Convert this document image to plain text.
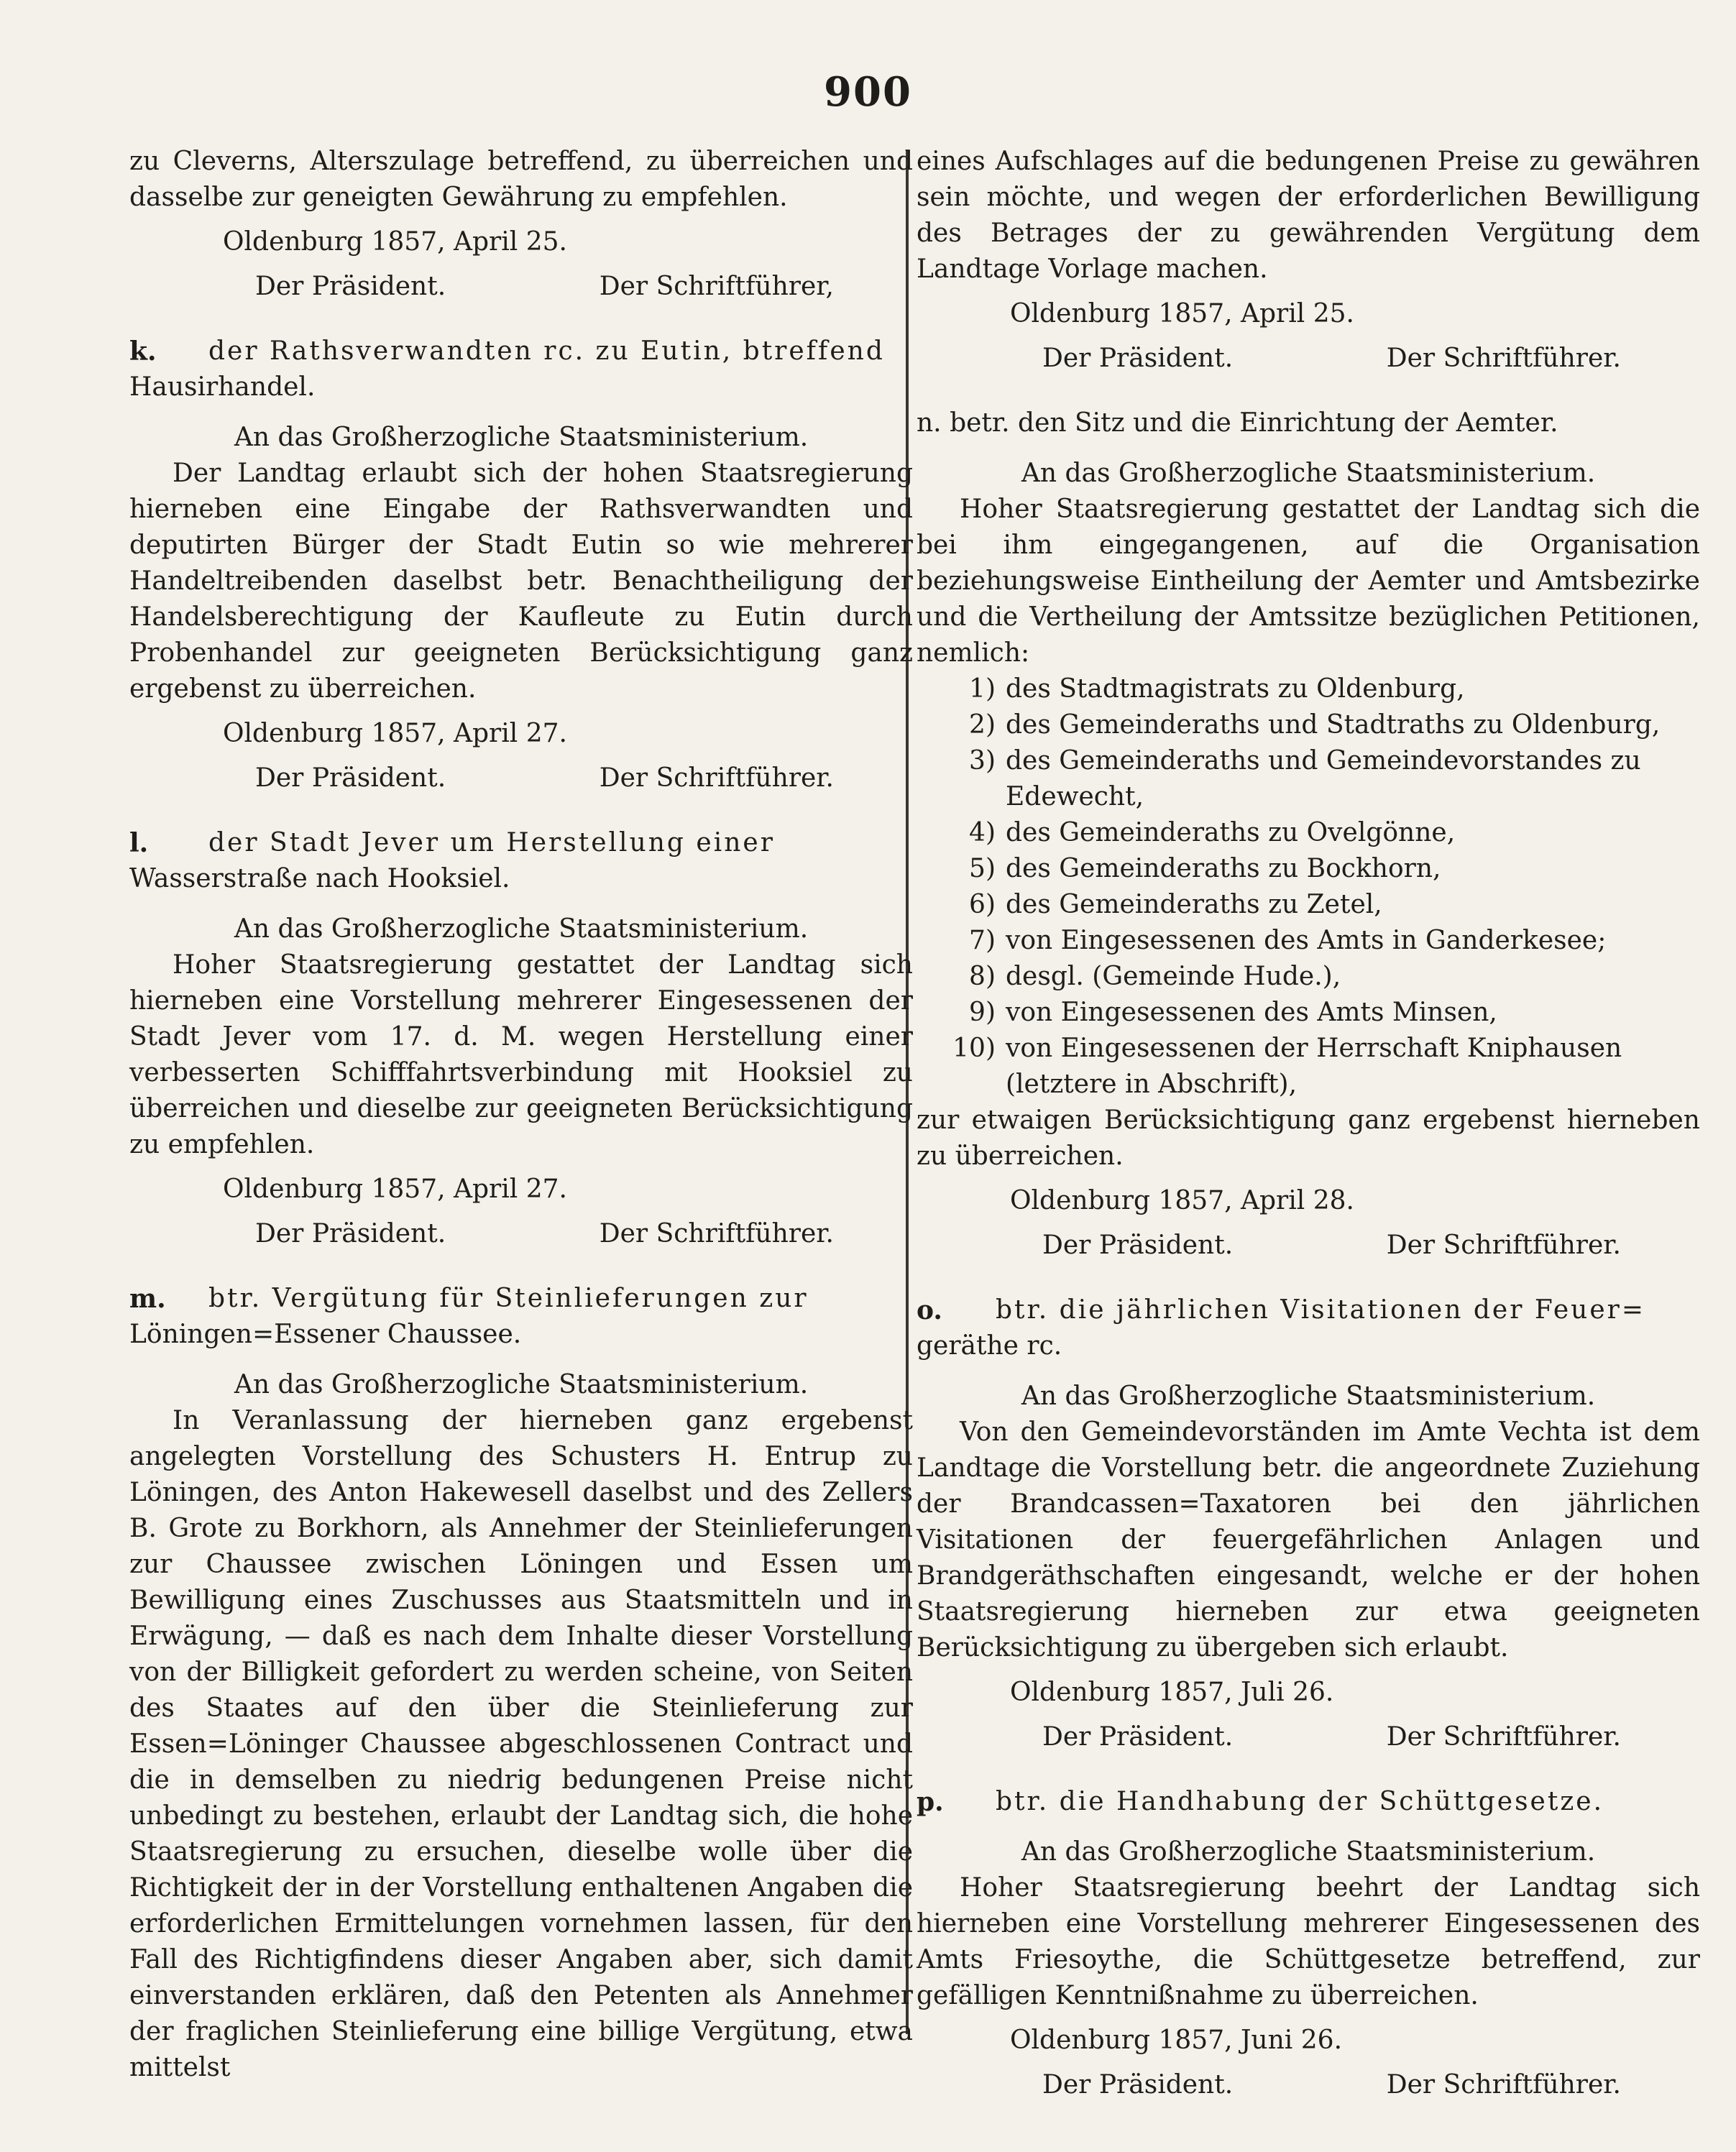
900

zu Cleverns, Alterszulage betreffend, zu überreichen und dasselbe zur geneigten Gewährung zu empfehlen.

Oldenburg 1857, April 25.

Der Präsident.	Der Schriftführer,
k.	der Rathsverwandten rc. zu Eutin, btreffend

Hausirhandel.

An das Großherzogliche Staatsministerium.

Der Landtag erlaubt sich der hohen Staatsregierung hierneben eine Eingabe der Rathsverwandten und deputirten Bürger der Stadt Eutin so wie mehrerer Handeltreibenden daselbst betr. Benachtheiligung der Handelsberechtigung der Kaufleute zu Eutin durch Probenhandel zur geeigneten Berücksichtigung ganz ergebenst zu überreichen.

Oldenburg 1857, April 27.

Der Präsident.	Der Schriftführer.
l.	der Stadt Jever um Herstellung einer

Wasserstraße nach Hooksiel.

An das Großherzogliche Staatsministerium.

Hoher Staatsregierung gestattet der Landtag sich hierneben eine Vorstellung mehrerer Eingesessenen der Stadt Jever vom 17. d. M. wegen Herstellung einer verbesserten Schifffahrtsverbindung mit Hooksiel zu überreichen und dieselbe zur geeigneten Berücksichtigung zu empfehlen.

Oldenburg 1857, April 27.

Der Präsident.	Der Schriftführer.
m.	btr. Vergütung für Steinlieferungen zur

Löningen=Essener Chaussee.

An das Großherzogliche Staatsministerium.

In Veranlassung der hierneben ganz ergebenst angelegten Vorstellung des Schusters H. Entrup zu Löningen, des Anton Hakewesell daselbst und des Zellers B. Grote zu Borkhorn, als Annehmer der Steinlieferungen zur Chaussee zwischen Löningen und Essen um Bewilligung eines Zuschusses aus Staatsmitteln und in Erwägung, — daß es nach dem Inhalte dieser Vorstellung von der Billigkeit gefordert zu werden scheine, von Seiten des Staates auf den über die Steinlieferung zur Essen=Löninger Chaussee abgeschlossenen Contract und die in demselben zu niedrig bedungenen Preise nicht unbedingt zu bestehen, erlaubt der Landtag sich, die hohe Staatsregierung zu ersuchen, dieselbe wolle über die Richtigkeit der in der Vorstellung enthaltenen Angaben die erforderlichen Ermittelungen vornehmen lassen, für den Fall des Richtigfindens dieser Angaben aber, sich damit einverstanden erklären, daß den Petenten als Annehmer der fraglichen Steinlieferung eine billige Vergütung, etwa mittelst

eines Aufschlages auf die bedungenen Preise zu gewähren sein möchte, und wegen der erforderlichen Bewilligung des Betrages der zu gewährenden Vergütung dem Landtage Vorlage machen.

Oldenburg 1857, April 25.

Der Präsident.	Der Schriftführer.

n. betr. den Sitz und die Einrichtung der Aemter.

An das Großherzogliche Staatsministerium.

Hoher Staatsregierung gestattet der Landtag sich die bei ihm eingegangenen, auf die Organisation beziehungsweise Eintheilung der Aemter und Amtsbezirke und die Vertheilung der Amtssitze bezüglichen Petitionen, nemlich:

1) des Stadtmagistrats zu Oldenburg,
2) des Gemeinderaths und Stadtraths zu Oldenburg,
3) des Gemeinderaths und Gemeindevorstandes zu Edewecht,
4) des Gemeinderaths zu Ovelgönne,
5) des Gemeinderaths zu Bockhorn,
6) des Gemeinderaths zu Zetel,
7) von Eingesessenen des Amts in Ganderkesee;
8) desgl. (Gemeinde Hude.),
9) von Eingesessenen des Amts Minsen,
10) von Eingesessenen der Herrschaft Kniphausen (letztere in Abschrift),

zur etwaigen Berücksichtigung ganz ergebenst hierneben zu überreichen.

Oldenburg 1857, April 28.

Der Präsident.	Der Schriftführer.
o.	btr. die jährlichen Visitationen der Feuer=

geräthe rc.

An das Großherzogliche Staatsministerium.

Von den Gemeindevorständen im Amte Vechta ist dem Landtage die Vorstellung betr. die angeordnete Zuziehung der Brandcassen=Taxatoren bei den jährlichen Visitationen der feuergefährlichen Anlagen und Brandgeräthschaften eingesandt, welche er der hohen Staatsregierung hierneben zur etwa geeigneten Berücksichtigung zu übergeben sich erlaubt.

Oldenburg 1857, Juli 26.

Der Präsident.	Der Schriftführer.
p.	btr. die Handhabung der Schüttgesetze.

An das Großherzogliche Staatsministerium.

Hoher Staatsregierung beehrt der Landtag sich hierneben eine Vorstellung mehrerer Eingesessenen des Amts Friesoythe, die Schüttgesetze betreffend, zur gefälligen Kenntnißnahme zu überreichen.

Oldenburg 1857, Juni 26.

Der Präsident.	Der Schriftführer.
